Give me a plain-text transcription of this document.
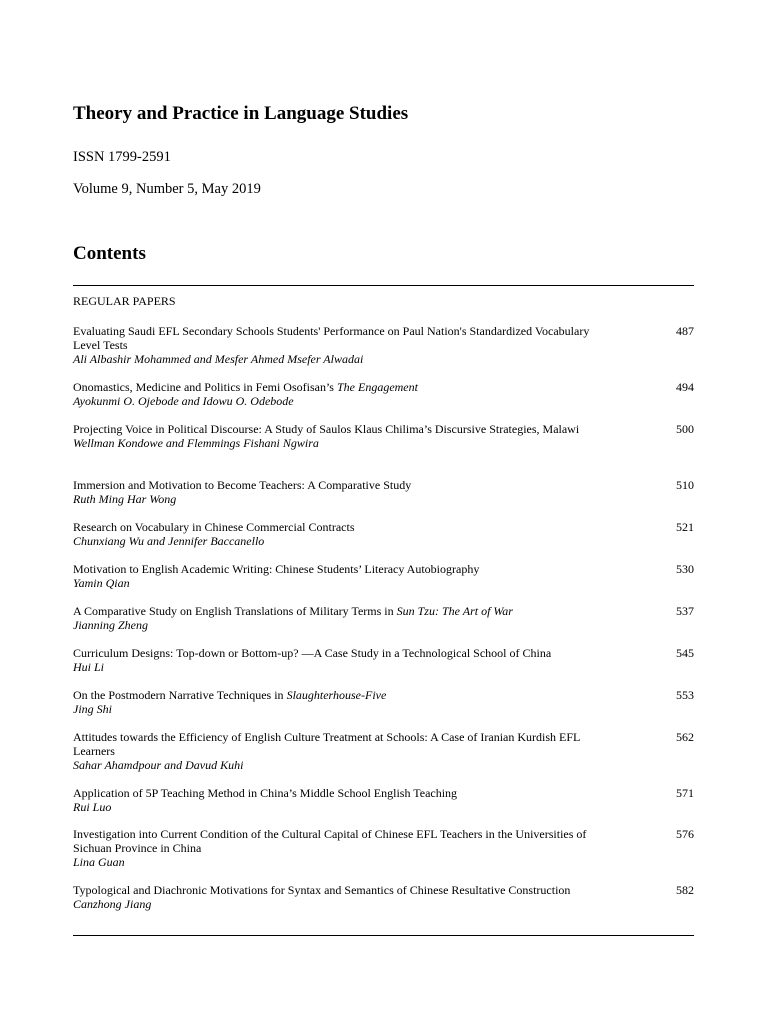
Theory and Practice in Language Studies
ISSN 1799-2591
Volume 9, Number 5, May 2019
Contents
REGULAR PAPERS
Evaluating Saudi EFL Secondary Schools Students' Performance on Paul Nation's Standardized Vocabulary Level Tests
Ali Albashir Mohammed and Mesfer Ahmed Msefer Alwadai
487
Onomastics, Medicine and Politics in Femi Osofisan’s The Engagement
Ayokunmi O. Ojebode and Idowu O. Odebode
494
Projecting Voice in Political Discourse: A Study of Saulos Klaus Chilima’s Discursive Strategies, Malawi
Wellman Kondowe and Flemmings Fishani Ngwira
500
Immersion and Motivation to Become Teachers: A Comparative Study
Ruth Ming Har Wong
510
Research on Vocabulary in Chinese Commercial Contracts
Chunxiang Wu and Jennifer Baccanello
521
Motivation to English Academic Writing: Chinese Students’ Literacy Autobiography
Yamin Qian
530
A Comparative Study on English Translations of Military Terms in Sun Tzu: The Art of War
Jianning Zheng
537
Curriculum Designs: Top-down or Bottom-up? —A Case Study in a Technological School of China
Hui Li
545
On the Postmodern Narrative Techniques in Slaughterhouse-Five
Jing Shi
553
Attitudes towards the Efficiency of English Culture Treatment at Schools: A Case of Iranian Kurdish EFL Learners
Sahar Ahamdpour and Davud Kuhi
562
Application of 5P Teaching Method in China’s Middle School English Teaching
Rui Luo
571
Investigation into Current Condition of the Cultural Capital of Chinese EFL Teachers in the Universities of Sichuan Province in China
Lina Guan
576
Typological and Diachronic Motivations for Syntax and Semantics of Chinese Resultative Construction
Canzhong Jiang
582
